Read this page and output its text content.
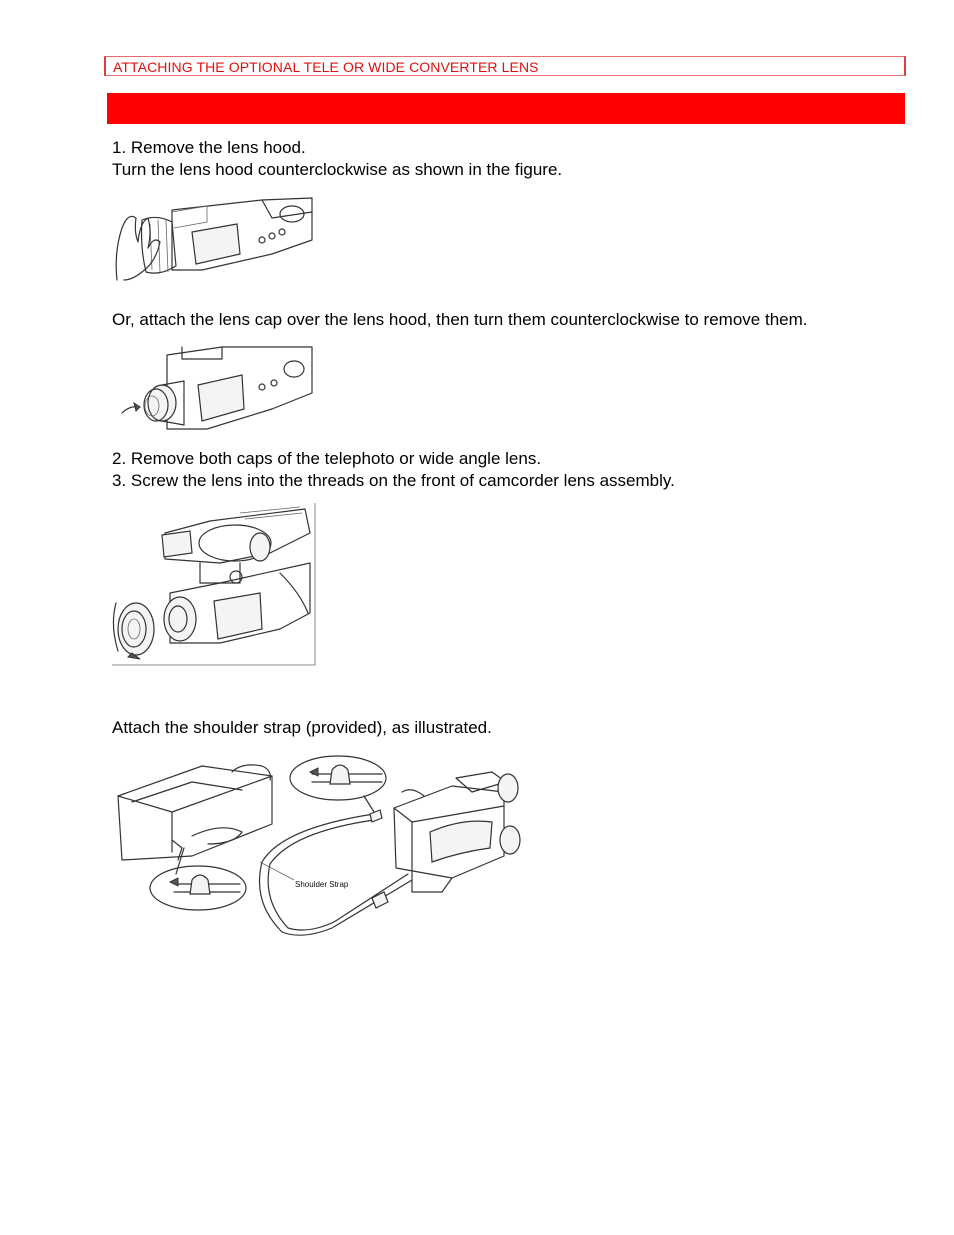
ATTACHING THE OPTIONAL TELE OR WIDE CONVERTER LENS
1. Remove the lens hood.
Turn the lens hood counterclockwise as shown in the figure.
Or, attach the lens cap over the lens hood, then turn them counterclockwise to remove them.
2. Remove both caps of the telephoto or wide angle lens.
3. Screw the lens into the threads on the front of camcorder lens assembly.
Attach the shoulder strap (provided), as illustrated.
Shoulder Strap
